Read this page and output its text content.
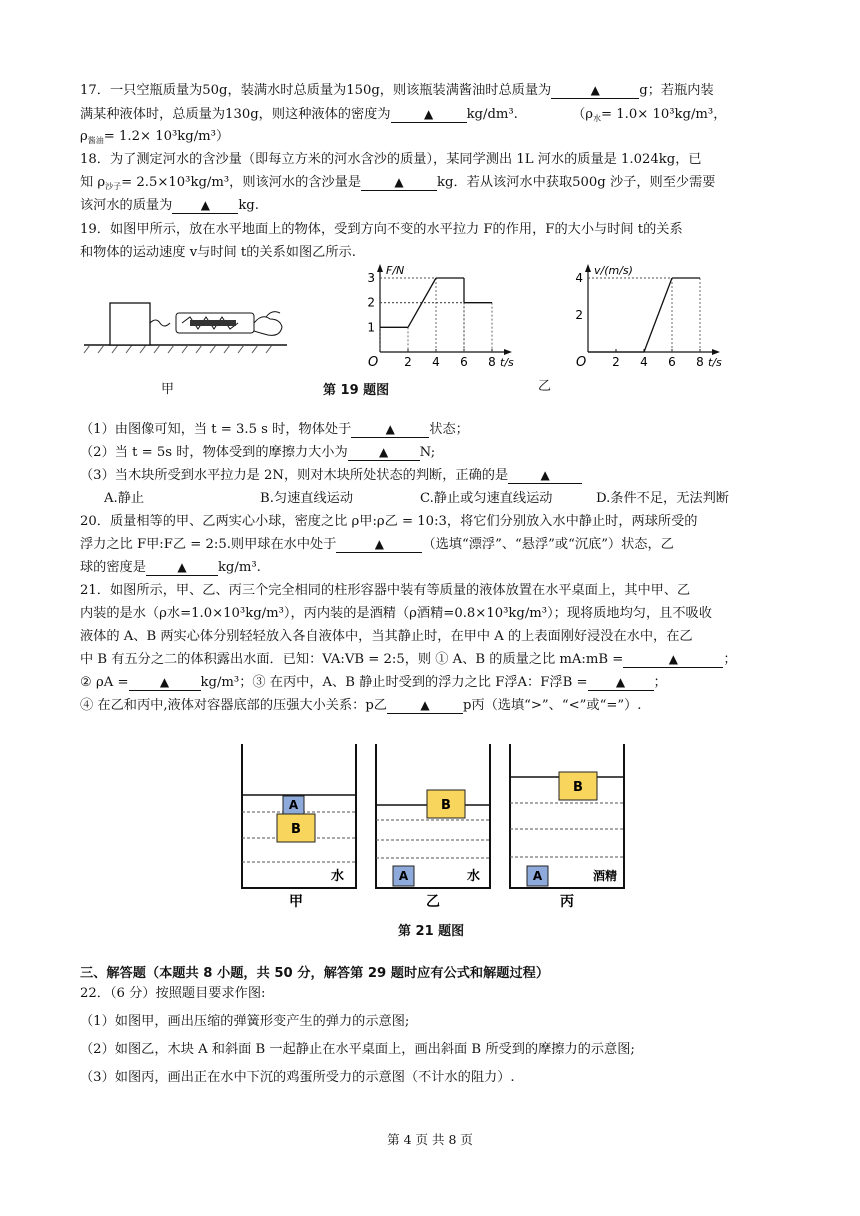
17．一只空瓶质量为50g，装满水时总质量为150g，则该瓶装满酱油时总质量为	▲	g；若瓶内装
满某种液体时，总质量为130g，则这种液体的密度为	▲	kg/dm³.	（$\rho_水= 1.0\times 10^3kg/m^3$，
$\rho_{酱油}= 1.2\times 10^3kg/m^3$）
18．为了测定河水的含沙量（即每立方米的河水含沙的质量），某同学测出 1L 河水的质量是 1.024kg，已
知 $\rho_{沙子}= 2.5\times 10^3kg/m^3$，则该河水的含沙量是	▲	kg．若从该河水中获取500g 沙子，则至少需要
该河水的质量为 ▲ kg.
19．如图甲所示，放在水平地面上的物体，受到方向不变的水平拉力 F的作用，F的大小与时间 t的关系
和物体的运动速度 v与时间 t的关系如图乙所示.
甲
O 2 4 6 8
1
2
3
F/N
t/s	O 2 4 6 8
2
4
v/(m/s)
t/s
第 19 题图	乙
（1）由图像可知，当 t = 3.5 s 时，物体处于	▲	状态；
（2）当 t = 5s 时，物体受到的摩擦力大小为	▲ N;
（3）当木块所受到水平拉力是 2N，则对木块所处状态的判断，正确的是	▲
A.静止	B.匀速直线运动	C.静止或匀速直线运动	D.条件不足，无法判断
20．质量相等的甲、乙两实心小球，密度之比 ρ甲:ρ乙 = 10:3，将它们分别放入水中静止时，两球所受的
浮力之比 F甲:F乙 = 2:5.则甲球在水中处于	▲	（选填“漂浮”、“悬浮”或“沉底”）状态，乙
球的密度是	▲ kg/m³.
21．如图所示，甲、乙、丙三个完全相同的柱形容器中装有等质量的液体放置在水平桌面上，其中甲、乙
内装的是水（ρ水=1.0×10³kg/m³），丙内装的是酒精（ρ酒精=0.8×10³kg/m³）；现将质地均匀，且不吸收
液体的 A、B 两实心体分别轻轻放入各自液体中，当其静止时，在甲中 A 的上表面刚好浸没在水中，在乙
中 B 有五分之二的体积露出水面．已知：VA:VB = 2:5，则 ① A、B 的质量之比 mA:mB =	▲	；
② ρA =	▲ kg/m³；③ 在丙中，A、B 静止时受到的浮力之比 F浮A：F浮B = ▲ ；
④ 在乙和丙中,液体对容器底部的压强大小关系：p乙	▲	p丙（选填“>”、“<”或“=”）.
A
B
水
B
A	水
B
A	酒精
甲	乙	丙
第 21 题图
三、解答题（本题共 8 小题，共 50 分，解答第 29 题时应有公式和解题过程）
22．（6 分）按照题目要求作图:
（1）如图甲，画出压缩的弹簧形变产生的弹力的示意图;
（2）如图乙，木块 A 和斜面 B 一起静止在水平桌面上，画出斜面 B 所受到的摩擦力的示意图;
（3）如图丙，画出正在水中下沉的鸡蛋所受力的示意图（不计水的阻力）.
第 4 页 共 8 页
